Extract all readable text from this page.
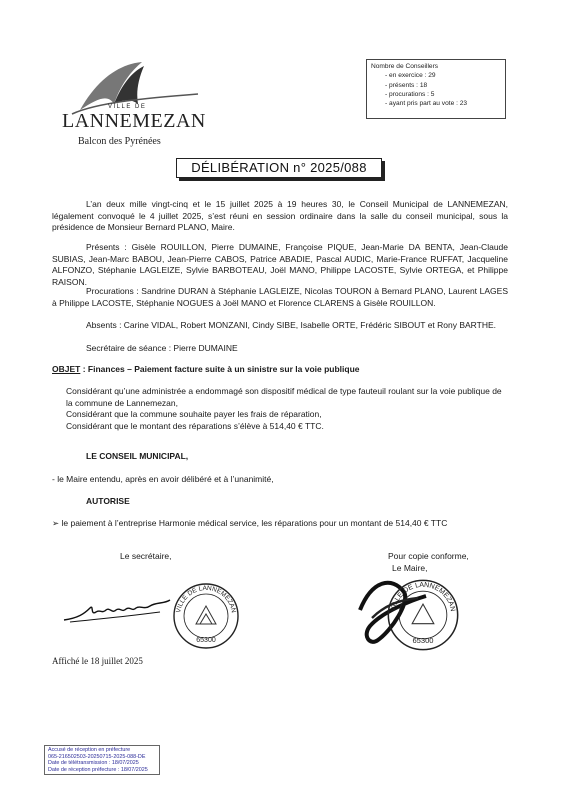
VILLE DE
LANNEMEZAN
Balcon des Pyrénées
Nombre de Conseillers
- en exercice : 29
- présents : 18
- procurations : 5
- ayant pris part au vote : 23
DÉLIBÉRATION n° 2025/088
L’an deux mille vingt-cinq et le 15 juillet 2025 à 19 heures 30, le Conseil Municipal de LANNEMEZAN, légalement convoqué le 4 juillet 2025, s’est réuni en session ordinaire dans la salle du conseil municipal, sous la présidence de Monsieur Bernard PLANO, Maire.
Présents : Gisèle ROUILLON, Pierre DUMAINE, Françoise PIQUE, Jean-Marie DA BENTA, Jean-Claude SUBIAS, Jean-Marc BABOU, Jean-Pierre CABOS, Patrice ABADIE, Pascal AUDIC, Marie-France RUFFAT, Jacqueline ALFONZO, Stéphanie LAGLEIZE, Sylvie BARBOTEAU, Joël MANO, Philippe LACOSTE, Sylvie ORTEGA, et Philippe RAISON.
Procurations : Sandrine DURAN à Stéphanie LAGLEIZE, Nicolas TOURON à Bernard PLANO, Laurent LAGES à Philippe LACOSTE, Stéphanie NOGUES à Joël MANO et Florence CLARENS à Gisèle ROUILLON.
Absents : Carine VIDAL, Robert MONZANI, Cindy SIBE, Isabelle ORTE, Frédéric SIBOUT et Rony BARTHE.
Secrétaire de séance : Pierre DUMAINE
OBJET : Finances – Paiement facture suite à un sinistre sur la voie publique
Considérant qu’une administrée a endommagé son dispositif médical de type fauteuil roulant sur la voie publique de la commune de Lannemezan,
Considérant que la commune souhaite payer les frais de réparation,
Considérant que le montant des réparations s’élève à 514,40 € TTC.
LE CONSEIL MUNICIPAL,
- le Maire entendu, après en avoir délibéré et à l’unanimité,
AUTORISE
➢ le paiement à l’entreprise Harmonie médical service, les réparations pour un montant de 514,40 € TTC
Le secrétaire,	Pour copie conforme,
Le Maire,
VILLE DE LANNEMEZAN
65300
VILLE DE LANNEMEZAN
65300
Affiché le 18 juillet 2025
Accusé de réception en préfecture
065-216502503-20250715-2025-088-DE
Date de télétransmission : 18/07/2025
Date de réception préfecture : 18/07/2025
